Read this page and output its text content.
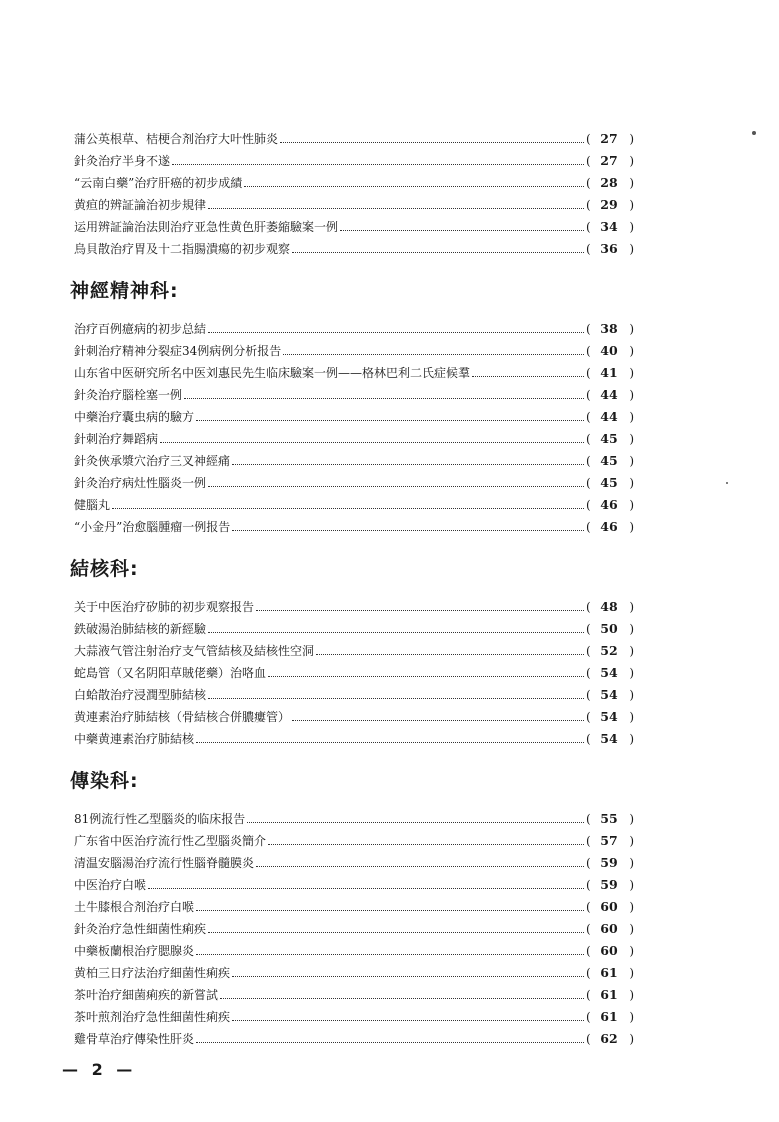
蒲公英根草、桔梗合剂治疗大叶性肺炎	( 27 )
針灸治疗半身不遂	( 27 )
“云南白藥”治疗肝癌的初步成績	( 28 )
黄疸的辨証論治初步規律	( 29 )
运用辨証論治法則治疗亚急性黄色肝萎縮驗案一例	( 34 )
烏貝散治疗胃及十二指腸潰瘍的初步观察	( 36 )
神經精神科:
治疗百例癔病的初步总結	( 38 )
針刺治疗精神分裂症34例病例分析报告	( 40 )
山东省中医研究所名中医刘惠民先生临床驗案一例——格林巴利二氏症候羣	( 41 )
針灸治疗腦栓塞一例	( 44 )
中藥治疗囊虫病的驗方	( 44 )
針刺治疗舞蹈病	( 45 )
針灸俠承漿穴治疗三叉神經痛	( 45 )
針灸治疗病灶性腦炎一例	( 45 )
健腦丸	( 46 )
“小金丹”治愈腦腫瘤一例报告	( 46 )
結核科:
关于中医治疗矽肺的初步观察报告	( 48 )
鉄破湯治肺結核的新經驗	( 50 )
大蒜液气管注射治疗支气管結核及結核性空洞	( 52 )
蛇島管（又名阴阳草賊佬藥）治咯血	( 54 )
白蛤散治疗浸潤型肺結核	( 54 )
黄連素治疗肺結核（骨結核合併膿瘻管）	( 54 )
中藥黄連素治疗肺結核	( 54 )
傳染科:
81例流行性乙型腦炎的临床报告	( 55 )
广东省中医治疗流行性乙型腦炎簡介	( 57 )
清温安腦湯治疗流行性腦脊髓膜炎	( 59 )
中医治疗白喉	( 59 )
土牛膝根合剂治疗白喉	( 60 )
針灸治疗急性細菌性痢疾	( 60 )
中藥板蘭根治疗腮腺炎	( 60 )
黄柏三日疗法治疗細菌性痢疾	( 61 )
茶叶治疗細菌痢疾的新嘗試	( 61 )
茶叶煎剂治疗急性細菌性痢疾	( 61 )
雞骨草治疗傳染性肝炎	( 62 )
— 2 —
